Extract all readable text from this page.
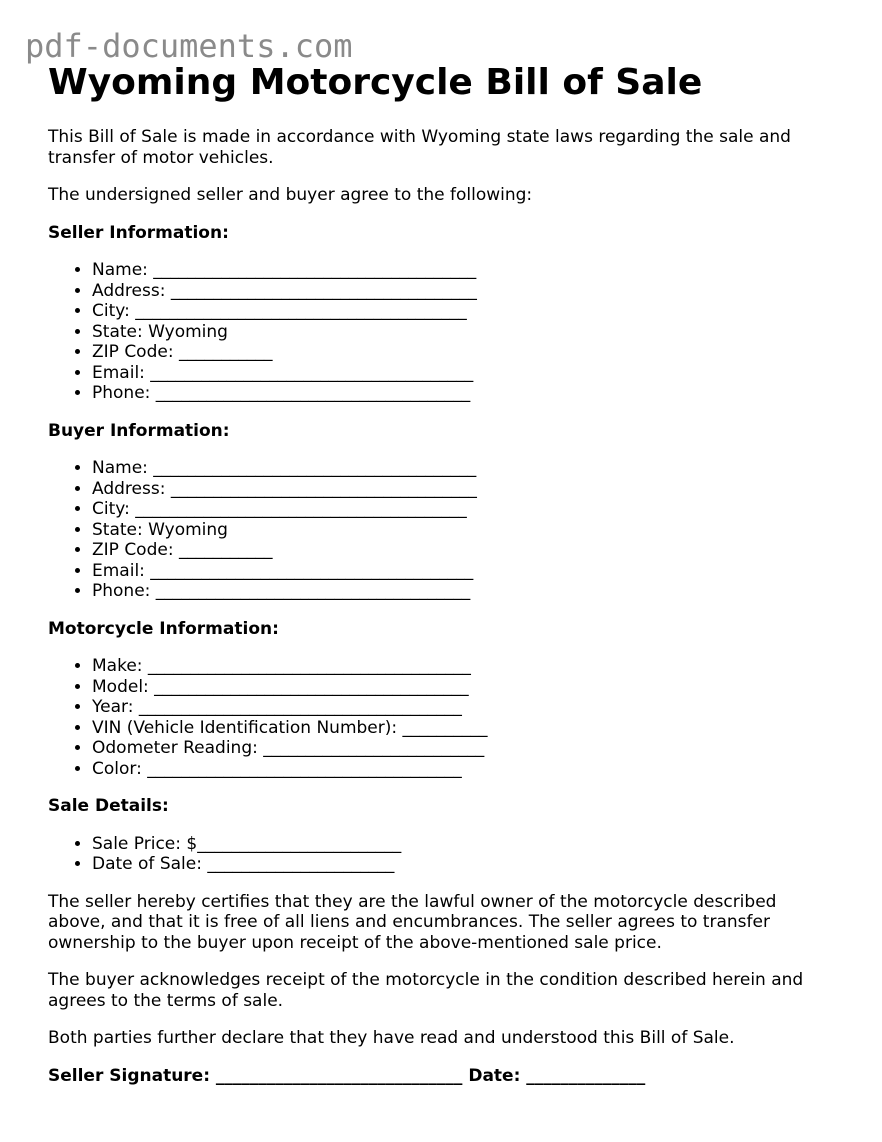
pdf-documents.com
Wyoming Motorcycle Bill of Sale

This Bill of Sale is made in accordance with Wyoming state laws regarding the sale and transfer of motor vehicles.

The undersigned seller and buyer agree to the following:

Seller Information:
• Name: ______________________________________
• Address: ____________________________________
• City: _______________________________________
• State: Wyoming
• ZIP Code: ___________
• Email: ______________________________________
• Phone: _____________________________________
Buyer Information:
• Name: ______________________________________
• Address: ____________________________________
• City: _______________________________________
• State: Wyoming
• ZIP Code: ___________
• Email: ______________________________________
• Phone: _____________________________________
Motorcycle Information:
• Make: ______________________________________
• Model: _____________________________________
• Year: ______________________________________
• VIN (Vehicle Identification Number): __________
• Odometer Reading: __________________________
• Color: _____________________________________
Sale Details:
• Sale Price: $________________________
• Date of Sale: ______________________

The seller hereby certifies that they are the lawful owner of the motorcycle described above, and that it is free of all liens and encumbrances. The seller agrees to transfer ownership to the buyer upon receipt of the above-mentioned sale price.

The buyer acknowledges receipt of the motorcycle in the condition described herein and agrees to the terms of sale.

Both parties further declare that they have read and understood this Bill of Sale.

Seller Signature: _____________________________ Date: ______________
